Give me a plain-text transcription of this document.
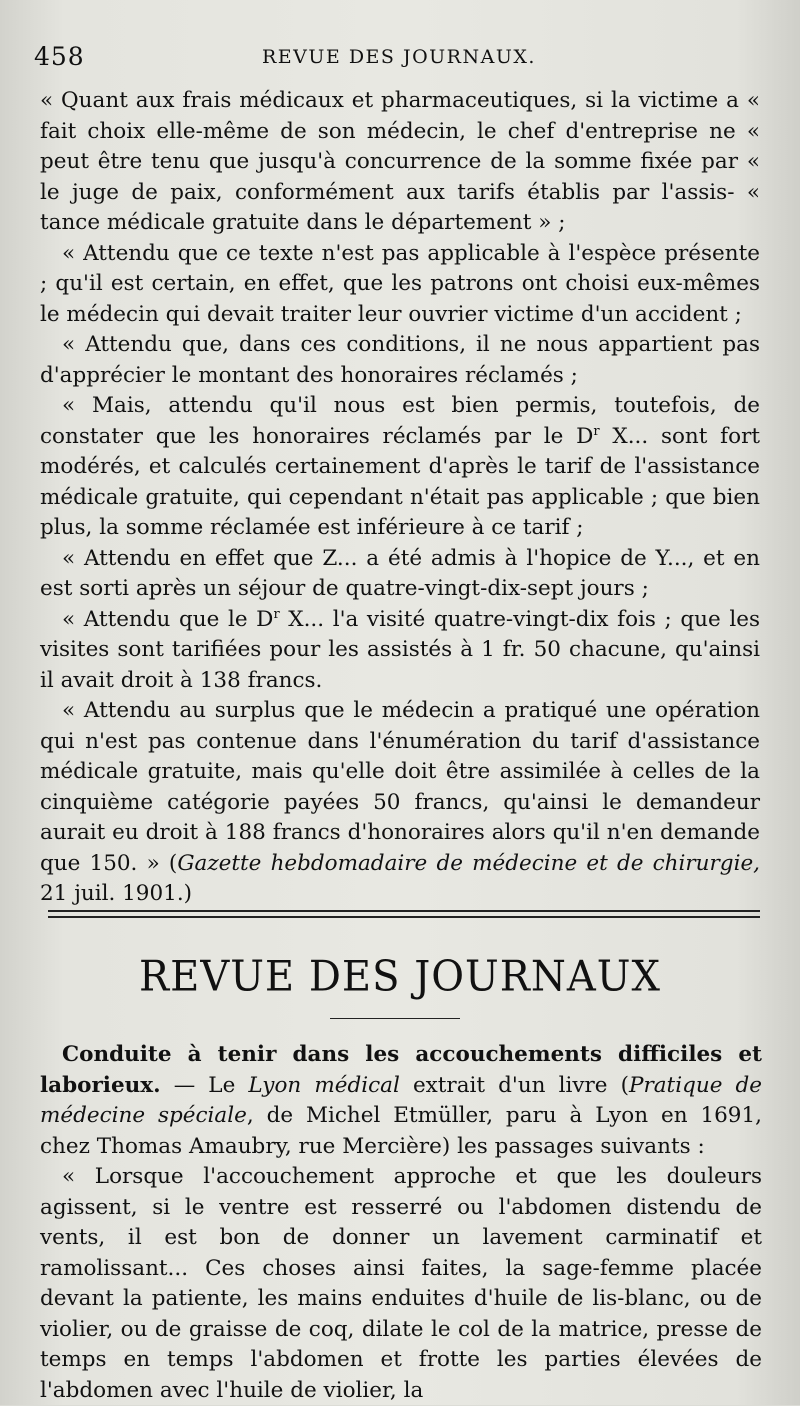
458	REVUE DES JOURNAUX.

« Quant aux frais médicaux et pharmaceutiques, si la victime a « fait choix elle-même de son médecin, le chef d'entreprise ne « peut être tenu que jusqu'à concurrence de la somme fixée par « le juge de paix, conformément aux tarifs établis par l'assis- « tance médicale gratuite dans le département » ;

« Attendu que ce texte n'est pas applicable à l'espèce présente ; qu'il est certain, en effet, que les patrons ont choisi eux-mêmes le médecin qui devait traiter leur ouvrier victime d'un accident ;

« Attendu que, dans ces conditions, il ne nous appartient pas d'apprécier le montant des honoraires réclamés ;

« Mais, attendu qu'il nous est bien permis, toutefois, de constater que les honoraires réclamés par le $D^r$ X... sont fort modérés, et calculés certainement d'après le tarif de l'assistance médicale gratuite, qui cependant n'était pas applicable ; que bien plus, la somme réclamée est inférieure à ce tarif ;

« Attendu en effet que Z... a été admis à l'hopice de Y..., et en est sorti après un séjour de quatre-vingt-dix-sept jours ;

« Attendu que le $D^r$ X... l'a visité quatre-vingt-dix fois ; que les visites sont tarifiées pour les assistés à 1 fr. 50 chacune, qu'ainsi il avait droit à 138 francs.

« Attendu au surplus que le médecin a pratiqué une opération qui n'est pas contenue dans l'énumération du tarif d'assistance médicale gratuite, mais qu'elle doit être assimilée à celles de la cinquième catégorie payées 50 francs, qu'ainsi le demandeur aurait eu droit à 188 francs d'honoraires alors qu'il n'en demande que 150. » (Gazette hebdomadaire de médecine et de chirurgie, 21 juil. 1901.)

REVUE DES JOURNAUX

Conduite à tenir dans les accouchements difficiles et laborieux. — Le Lyon médical extrait d'un livre (Pratique de médecine spéciale, de Michel Etmüller, paru à Lyon en 1691, chez Thomas Amaubry, rue Mercière) les passages suivants :

« Lorsque l'accouchement approche et que les douleurs agissent, si le ventre est resserré ou l'abdomen distendu de vents, il est bon de donner un lavement carminatif et ramolissant... Ces choses ainsi faites, la sage-femme placée devant la patiente, les mains enduites d'huile de lis-blanc, ou de violier, ou de graisse de coq, dilate le col de la matrice, presse de temps en temps l'abdomen et frotte les parties élevées de l'abdomen avec l'huile de violier, la
